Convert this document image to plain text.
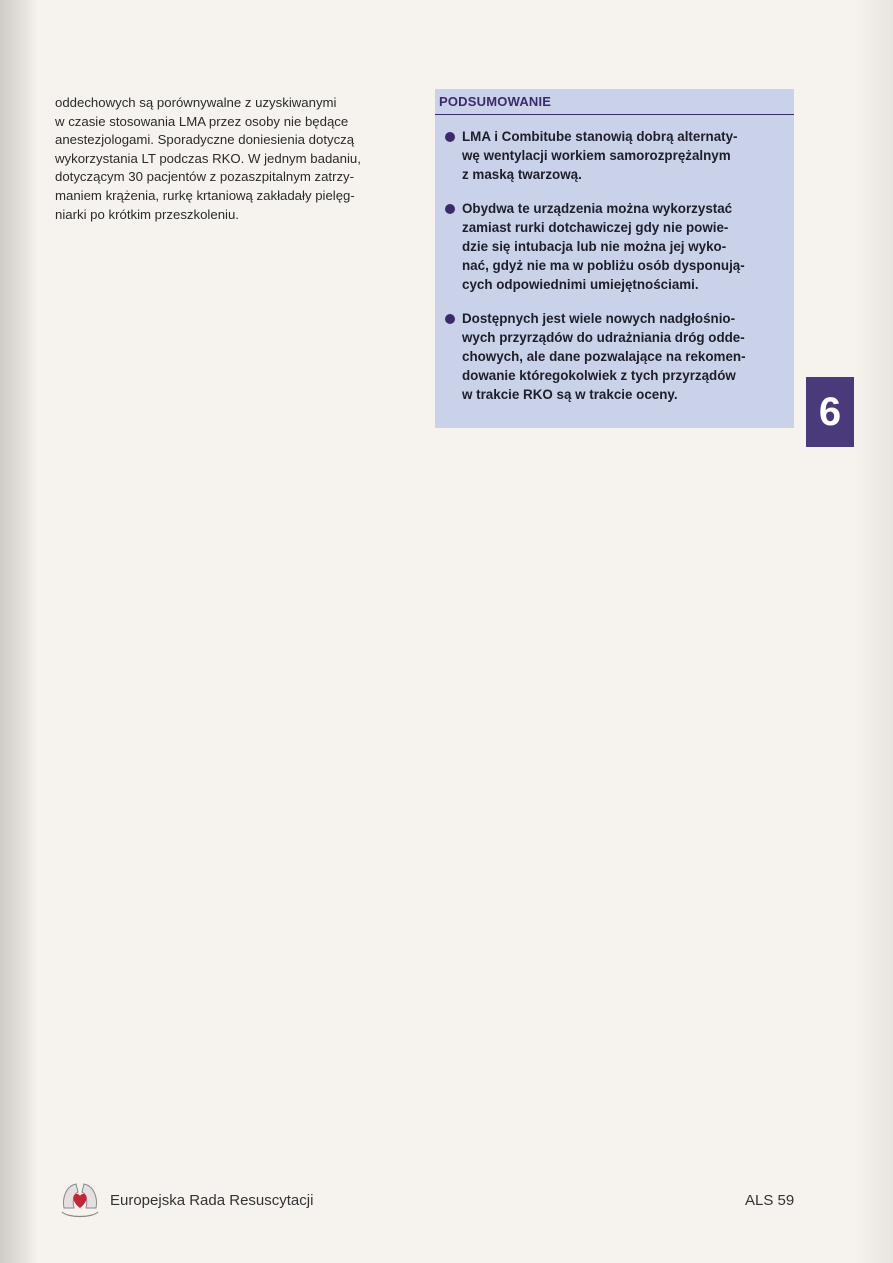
oddechowych są porównywalne z uzyskiwanymi

w czasie stosowania LMA przez osoby nie będące

anestezjologami. Sporadyczne doniesienia dotyczą

wykorzystania LT podczas RKO. W jednym badaniu,

dotyczącym 30 pacjentów z pozaszpitalnym zatrzy-

maniem krążenia, rurkę krtaniową zakładały pielęg-

niarki po krótkim przeszkoleniu.

PODSUMOWANIE
LMA i Combitube stanowią dobrą alternaty-
wę wentylacji workiem samorozprężalnym
z maską twarzową.
Obydwa te urządzenia można wykorzystać
zamiast rurki dotchawiczej gdy nie powie-
dzie się intubacja lub nie można jej wyko-
nać, gdyż nie ma w pobliżu osób dysponują-
cych odpowiednimi umiejętnościami.
Dostępnych jest wiele nowych nadgłośnio-
wych przyrządów do udrażniania dróg odde-
chowych, ale dane pozwalające na rekomen-
dowanie któregokolwiek z tych przyrządów
w trakcie RKO są w trakcie oceny.	6
Europejska Rada Resuscytacji	ALS 59
